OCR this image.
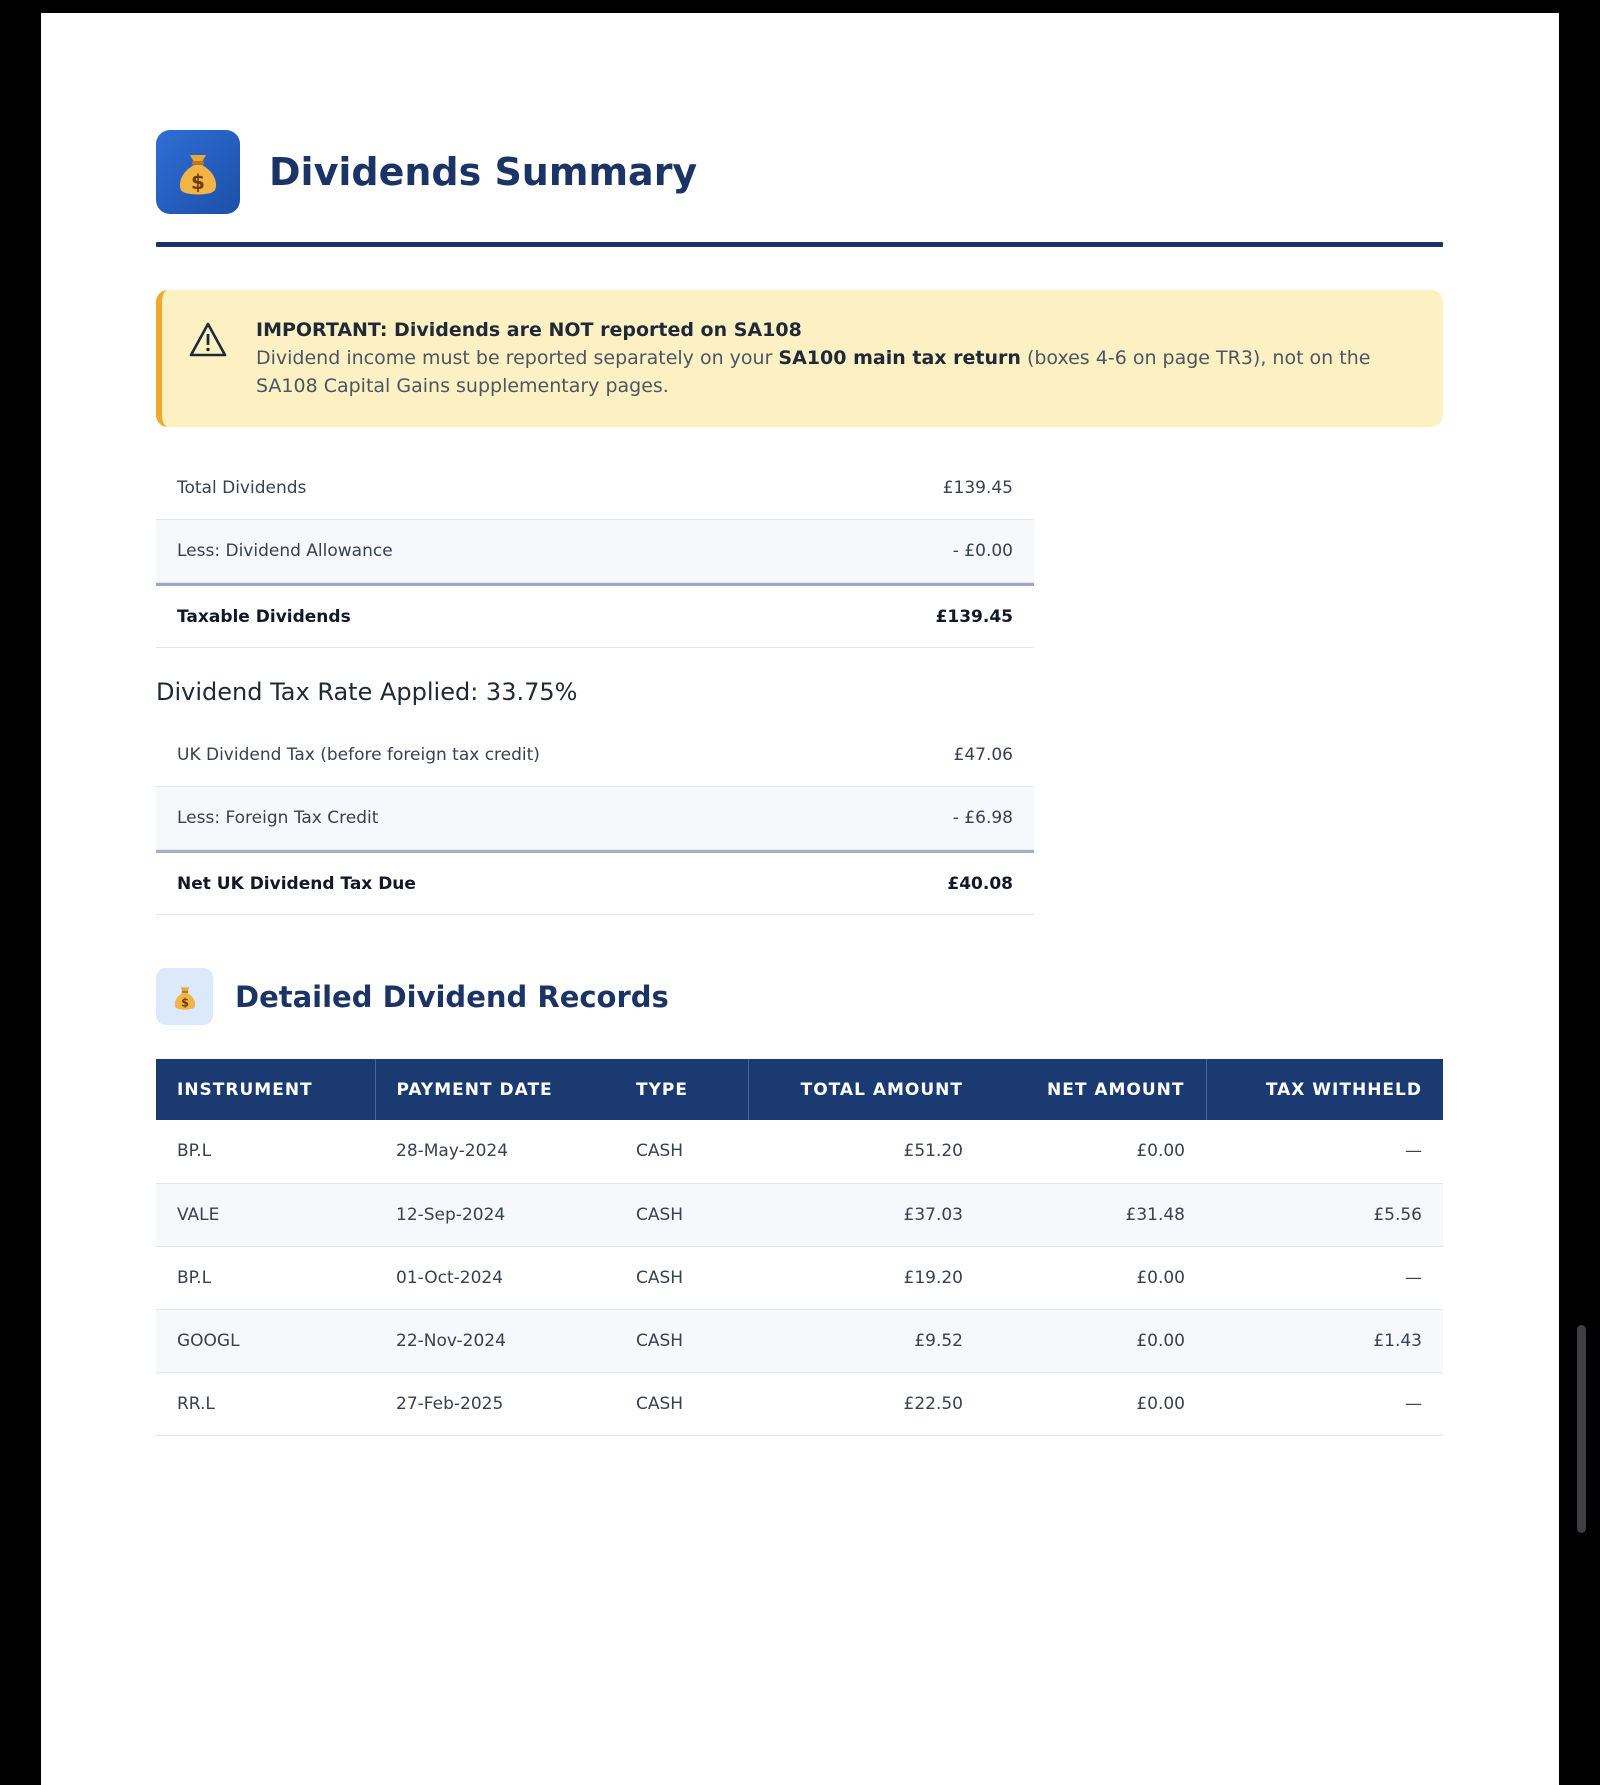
$ Dividends Summary
IMPORTANT: Dividends are NOT reported on SA108
Dividend income must be reported separately on your SA100 main tax return (boxes 4-6 on page TR3), not on the SA108 Capital Gains supplementary pages.
Total Dividends	£139.45
Less: Dividend Allowance	- £0.00
Taxable Dividends	£139.45
Dividend Tax Rate Applied: 33.75%
UK Dividend Tax (before foreign tax credit)	£47.06
Less: Foreign Tax Credit	- £6.98
Net UK Dividend Tax Due	£40.08
$ Detailed Dividend Records
INSTRUMENT	PAYMENT DATE	TYPE	TOTAL AMOUNT	NET AMOUNT	TAX WITHHELD
BP.L	28-May-2024	CASH	£51.20	£0.00	—
VALE	12-Sep-2024	CASH	£37.03	£31.48	£5.56
BP.L	01-Oct-2024	CASH	£19.20	£0.00	—
GOOGL	22-Nov-2024	CASH	£9.52	£0.00	£1.43
RR.L	27-Feb-2025	CASH	£22.50	£0.00	—
